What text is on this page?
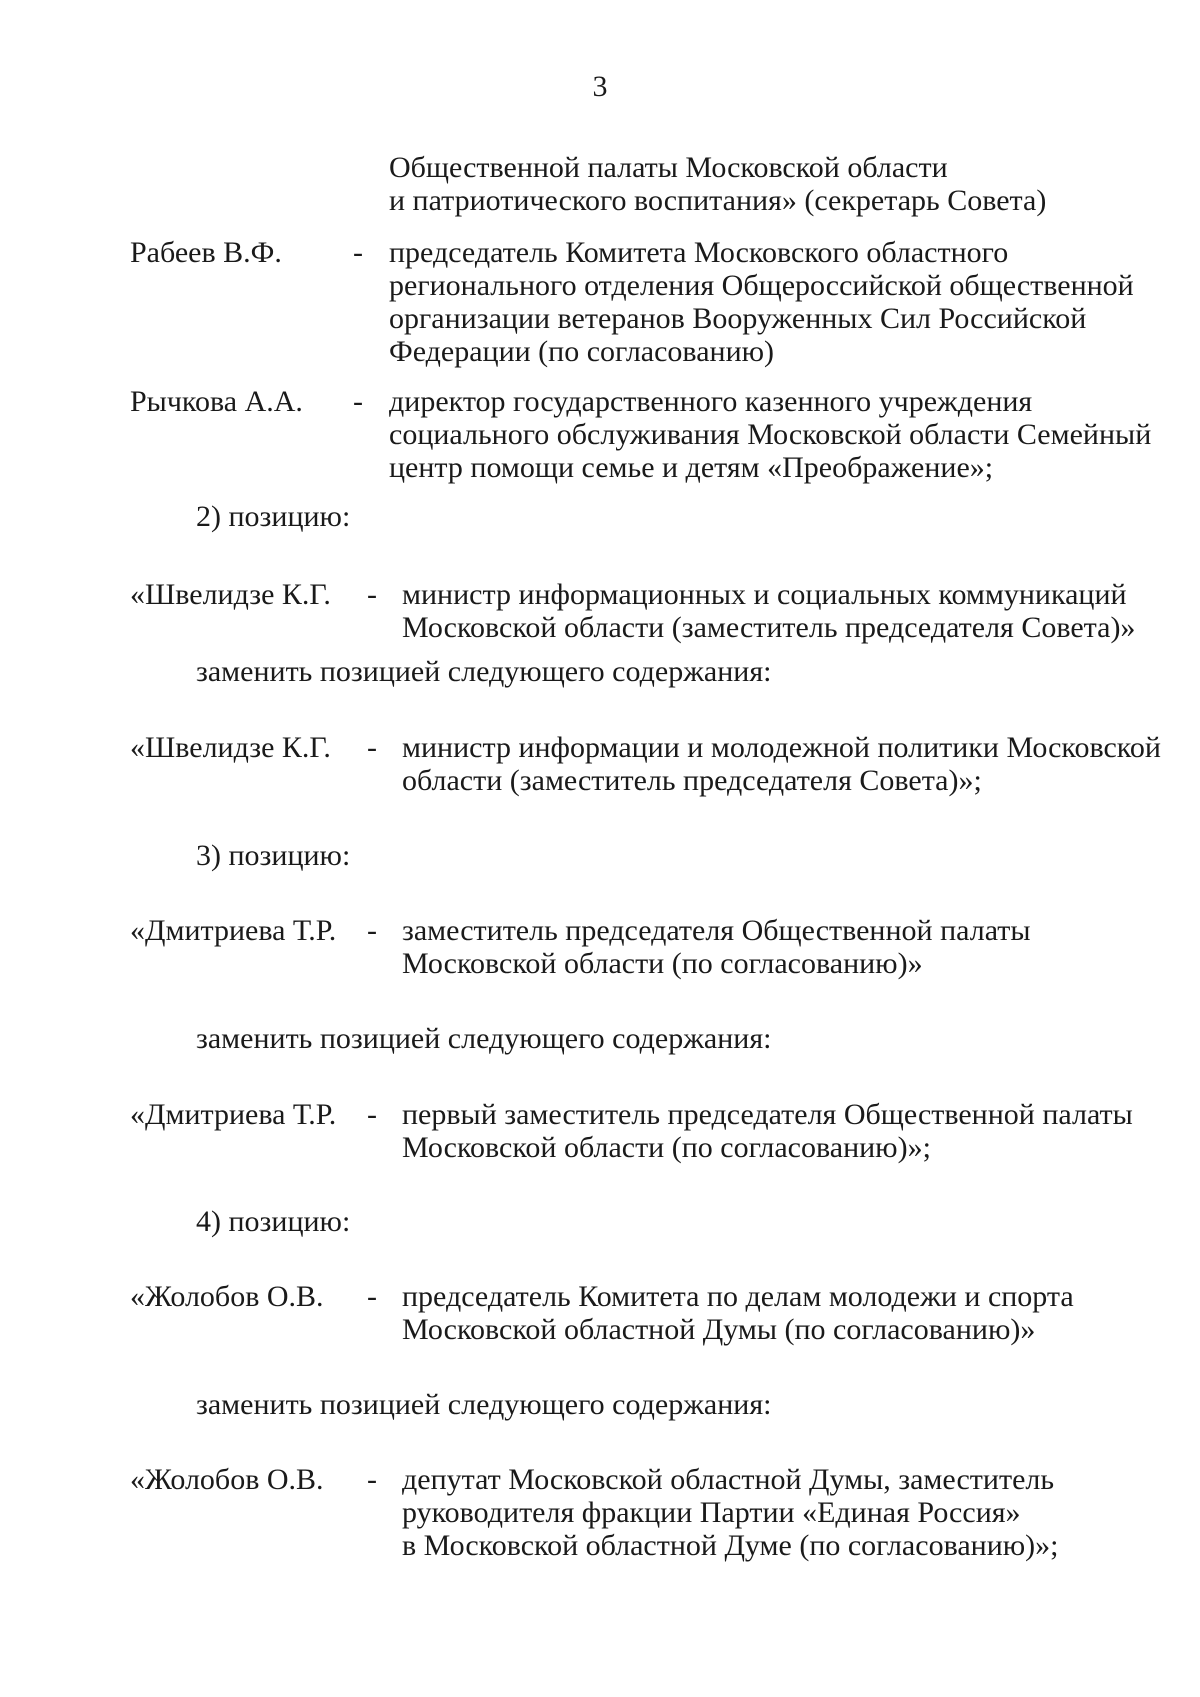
3
Общественной палаты Московской области
и патриотического воспитания» (секретарь Совета)
Рабеев В.Ф. - председатель Комитета Московского областного
регионального отделения Общероссийской общественной
организации ветеранов Вооруженных Сил Российской
Федерации (по согласованию)
Рычкова А.А. - директор государственного казенного учреждения
социального обслуживания Московской области Семейный
центр помощи семье и детям «Преображение»;
2) позицию:
«Швелидзе К.Г. - министр информационных и социальных коммуникаций
Московской области (заместитель председателя Совета)»
заменить позицией следующего содержания:
«Швелидзе К.Г. - министр информации и молодежной политики Московской
области (заместитель председателя Совета)»;
3) позицию:
«Дмитриева Т.Р. - заместитель председателя Общественной палаты
Московской области (по согласованию)»
заменить позицией следующего содержания:
«Дмитриева Т.Р. - первый заместитель председателя Общественной палаты
Московской области (по согласованию)»;
4) позицию:
«Жолобов О.В. - председатель Комитета по делам молодежи и спорта
Московской областной Думы (по согласованию)»
заменить позицией следующего содержания:
«Жолобов О.В. - депутат Московской областной Думы, заместитель
руководителя фракции Партии «Единая Россия»
в Московской областной Думе (по согласованию)»;
